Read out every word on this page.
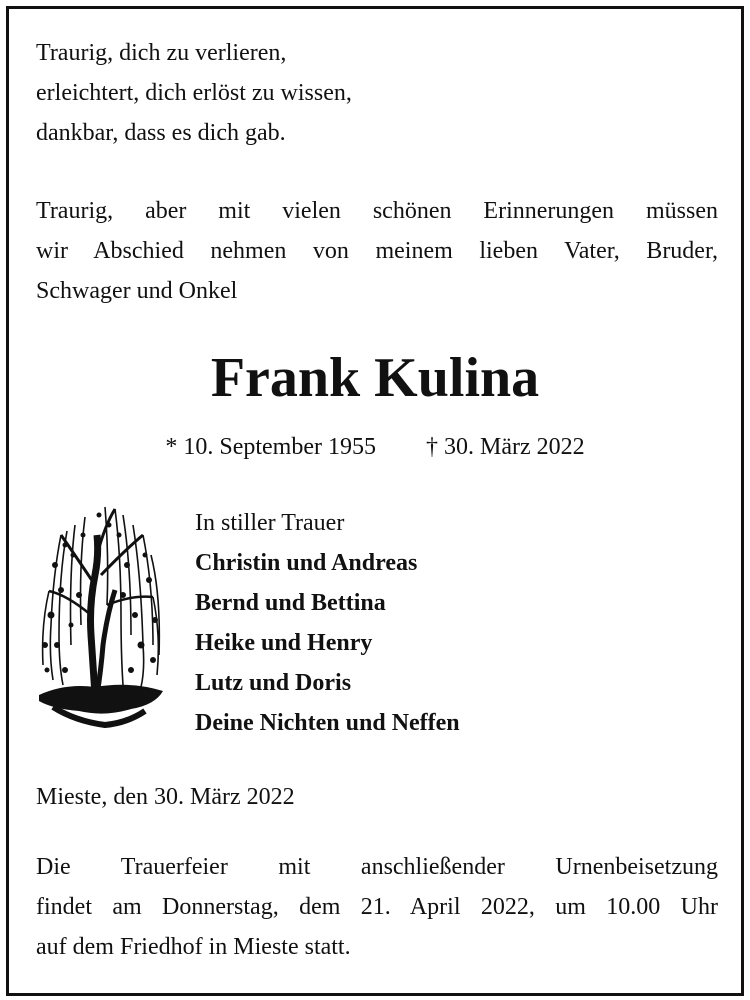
Traurig, dich zu verlieren,
erleichtert, dich erlöst zu wissen,
dankbar, dass es dich gab.
Traurig, aber mit vielen schönen Erinnerungen müssen
wir Abschied nehmen von meinem lieben Vater, Bruder,
Schwager und Onkel
Frank Kulina
* 10. September 1955 † 30. März 2022
In stiller Trauer
Christin und Andreas
Bernd und Bettina
Heike und Henry
Lutz und Doris
Deine Nichten und Neffen
Mieste, den 30. März 2022
Die Trauerfeier mit anschließender Urnenbeisetzung
findet am Donnerstag, dem 21. April 2022, um 10.00 Uhr
auf dem Friedhof in Mieste statt.
